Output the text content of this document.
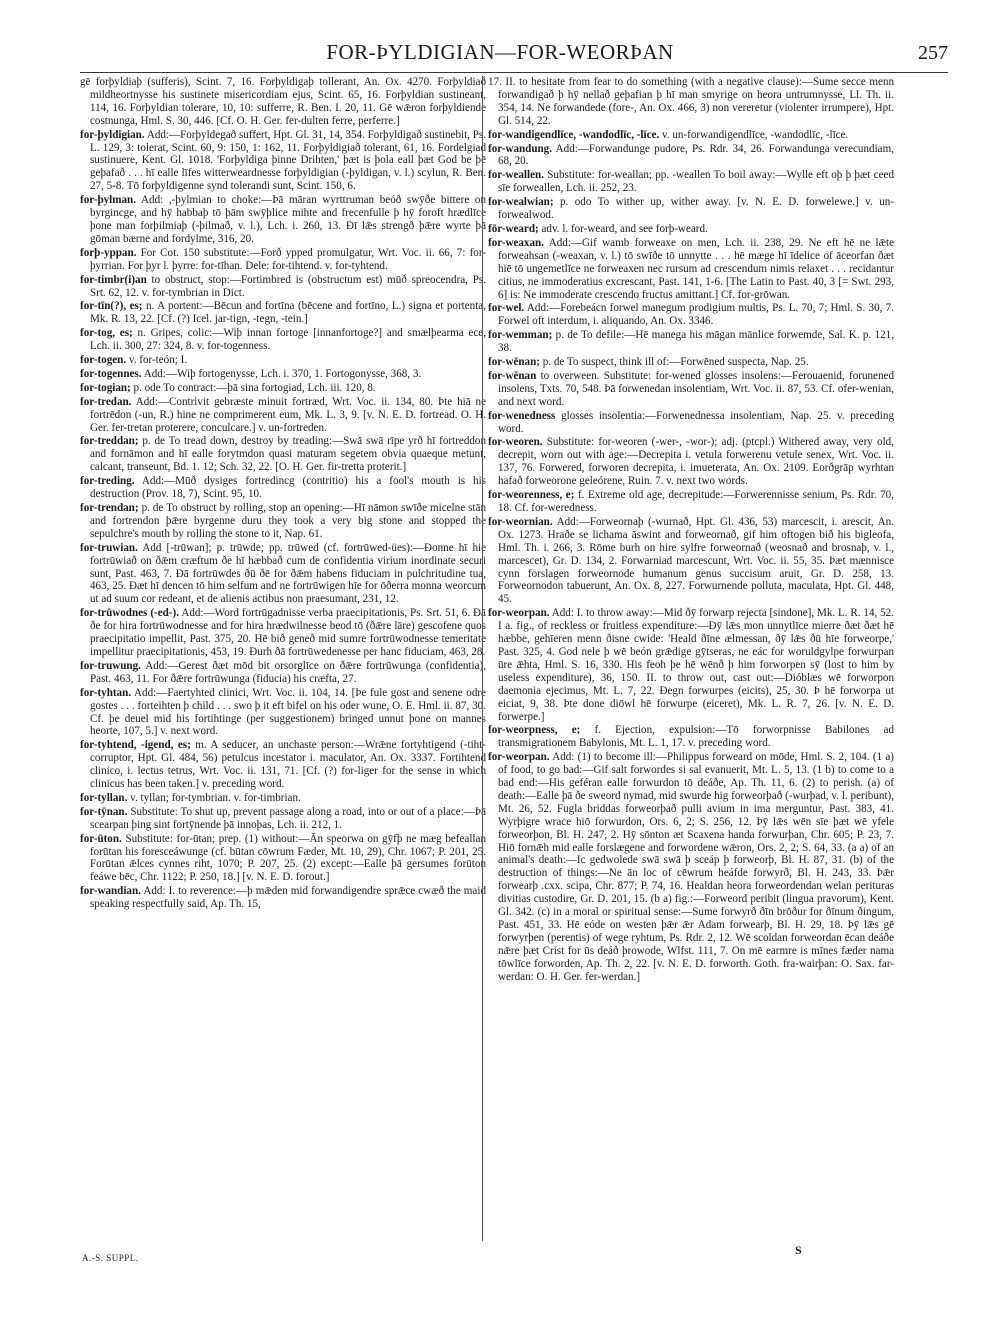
FOR-ÞYLDIGIAN—FOR-WEORÞAN	257

gē forþyldiaþ (sufferis), Scint. 7, 16. Forþyldigaþ tollerant, An. Ox. 4270. Forþyldiað mildheortnysse his sustinete misericordiam ejus, Scint. 65, 16. Forþyldian sustineant, 114, 16. Forþyldian tolerare, 10, 10: sufferre, R. Ben. I. 20, 11. Gē wǣron forþyldiende costnunga, Hml. S. 30, 446. [Cf. O. H. Ger. fer-dulten ferre, perferre.]

for-þyldigian. Add:—Forþyldegað suffert, Hpt. Gl. 31, 14, 354. Forþyldigað sustinebit, Ps. L. 129, 3: tolerat, Scint. 60, 9: 150, 1: 162, 11. Forþyldigiað tolerant, 61, 16. Fordelgiad sustinuere, Kent. Gl. 1018. 'Forþyldiga þinne Drihten,' þæt is þola eall þæt God be þē geþafað . . . hī ealle līfes witterweardnesse forþyldigian (-þyldigan, v. l.) scylun, R. Ben. 27, 5-8. Tō forþyldigenne synd tolerandi sunt, Scint. 150, 6.

for-þylman. Add: ,-þylmian to choke:—Þā māran wyrttruman beóð swȳðe bittere on byrgincge, and hȳ habbaþ tō þām swȳþlice mihte and frecenfulle þ hȳ foroft hrædlīce þone man forþilmiaþ (-þilmað, v. l.), Lch. i. 260, 13. Ðī lǣs strengð þǣre wyrte þā gōman bærne and fordylme, 316, 20.

forþ-yppan. For Cot. 150 substitute:—Forð ypped promulgatur, Wrt. Voc. ii. 66, 7: for-þyrrian. For þyr l. þyrre: for-tīhan. Dele: for-tihtend. v. for-tyhtend.

for-timbr(i)an to obstruct, stop:—Fortimbred is (obstructum est) mūð spreocendra, Ps. Srt. 62, 12. v. for-tymbrian in Dict.

for-tīn(?), es; n. A portent:—Bēcun and fortīna (bēcene and fortīno, L.) signa et portenta, Mk. R. 13, 22. [Cf. (?) Icel. jar-tign, -tegn, -tein.]

for-tog, es; n. Gripes, colic:—Wiþ innan fortoge [innanfortoge?] and smælþearma ece, Lch. ii. 300, 27: 324, 8. v. for-togenness.

for-togen. v. for-teón; I.

for-togennes. Add:—Wiþ fortogenysse, Lch. i. 370, 1. Fortogonysse, 368, 3.

for-togian; p. ode To contract:—þā sina fortogiad, Lch. iii. 120, 8.

for-tredan. Add:—Contrivit gebræste minuit fortræd, Wrt. Voc. ii. 134, 80. Þte hiā ne fortrēdon (-un, R.) hine ne comprimerent eum, Mk. L. 3, 9. [v. N. E. D. fortread. O. H. Ger. fer-tretan proterere, conculcare.] v. un-fortreden.

for-treddan; p. de To tread down, destroy by treading:—Swā swā rīpe yrð hī fortreddon and fornāmon and hī ealle forytmdon quasi maturam segetem obvia quaeque metunt, calcant, transeunt, Bd. 1. 12; Sch. 32, 22. [O. H. Ger. fir-tretta proterit.]

for-treding. Add:—Mūð dysiges fortredincg (contritio) his a fool's mouth is his destruction (Prov. 18, 7), Scint. 95, 10.

for-trendan; p. de To obstruct by rolling, stop an opening:—Hī nāmon swīðe micelne stān and fortrendon þǣre byrgenne duru they took a very big stone and stopped the sepulchre's mouth by rolling the stone to it, Nap. 61.

for-truwian. Add [-trūwan]; p. trūwde; pp. trūwed (cf. fortrūwed-ües):—Ðonne hī hie fortrūwiað on ðǣm cræftum ðe hī hæbbað cum de confidentia virium inordinate securi sunt, Past. 463, 7. Ðā fortrūwdes ðū ðē for ðǣm habens fiduciam in pulchritudine tua, 463, 25. Ðæt hī dencen tō him selfum and ne fortrūwigen hīe for ōðerra monna weorcum ut ad suum cor redeant, et de alienis actibus non praesumant, 231, 12.

for-trūwodnes (-ed-). Add:—Word fortrūgadnisse verba praecipitationis, Ps. Srt. 51, 6. Ðā ðe for hira fortrūwodnesse and for hira hrædwilnesse beod tō (ðǣre lāre) gescofene quos praecipitatio impellit, Past. 375, 20. Hē bið geneð mid sumre fortrūwodnesse temeritate impellitur praecipitationis, 453, 19. Ðurh ðā fortrūwedenesse per hanc fiduciam, 463, 28.

for-truwung. Add:—Gerest ðæt mōd bit orsorglīce on ðǣre fortrūwunga (confidentia), Past. 463, 11. For ðǣre fortrūwunga (fiducia) his cræfta, 27.

for-tyhtan. Add:—Faertyhted clinici, Wrt. Voc. ii. 104, 14. [Þe fule gost and senene odre gostes . . . forteihten þ child . . . swo þ it eft bifel on his oder wune, O. E. Hml. ii. 87, 30. Cf. þe deuel mid his fortihtinge (per suggestionem) bringed unnut þone on mannes heorte, 107, 5.] v. next word.

for-tyhtend, -igend, es; m. A seducer, an unchaste person:—Wrǣne fortyhtigend (-tiht- corruptor, Hpt. Gl. 484, 56) petulcus incestator i. maculator, An. Ox. 3337. Fortihtend clinico, i. lectus tetrus, Wrt. Voc. ii. 131, 71. [Cf. (?) for-liger for the sense in which clinicus has been taken.] v. preceding word.

for-tyllan. v. tyllan; for-tymbrian. v. for-timbrian.

for-tȳnan. Substitute: To shut up, prevent passage along a road, into or out of a place:—Þā scearpan þing sint fortȳnende þā innoþas, Lch. ii. 212, 1.

for-ūton. Substitute: for-ūtan; prep. (1) without:—Ān speorwa on gȳfþ ne mæg befeallan forūtan his foresceáwunge (cf. būtan cōwrum Fæder, Mt. 10, 29), Chr. 1067; P. 201, 25. Forūtan ǣlces cynnes riht, 1070; P. 207, 25. (2) except:—Ealle þā gersumes forūton feáwe bēc, Chr. 1122; P. 250, 18.] [v. N. E. D. forout.]

for-wandian. Add: I. to reverence:—þ mǣden mid forwandigendre sprǣce cwæð the maid speaking respectfully said, Ap. Th. 15,

17. II. to hesitate from fear to do something (with a negative clause):—Sume secce menn forwandigað þ hȳ nellað geþafian þ hī man smyrige on heora untrumnysse, Ll. Th. ii. 354, 14. Ne forwandede (fore-, An. Ox. 466, 3) non vereretur (violenter irrumpere), Hpt. Gl. 514, 22.

for-wandigendlīce, -wandodlīc, -līce. v. un-forwandigendlīce, -wandodlīc, -līce.

for-wandung. Add:—Forwandunge pudore, Ps. Rdr. 34, 26. Forwandunga verecundiam, 68, 20.

for-weallen. Substitute: for-weallan; pp. -weallen To boil away:—Wylle eft oþ þ þæt ceed sīe forweallen, Lch. ii. 252, 23.

for-wealwian; p. odo To wither up, wither away. [v. N. E. D. forwelewe.] v. un-forwealwod.

fōr-weard; adv. l. for-weard, and see forþ-weard.

for-weaxan. Add:—Gif wamb forweaxe on men, Lch. ii. 238, 29. Ne eft hē ne lǣte forweahsan (-weaxan, v. l.) tō swīðe tō unnytte . . . hē mæge hī īdelice of āceorfan ðæt hiē tō ungemetlīce ne forweaxen nec rursum ad crescendum nimis relaxet . . . recidantur citius, ne immoderatius excrescant, Past. 141, 1-6. [The Latin to Past. 40, 3 [= Swt. 293, 6] is: Ne immoderate crescendo fructus amittant.] Cf. for-grōwan.

for-wel. Add:—Forebeácn forwel manegum prodigium multis, Ps. L. 70, 7; Hml. S. 30, 7. Forwel oft interdum, i. aliquando, An. Ox. 3346.

for-wemman; p. de To defile:—Hē manega his māgan mānlice forwemde, Sal. K. p. 121, 38.

for-wēnan; p. de To suspect, think ill of:—Forwēned suspecta, Nap. 25.

for-wēnan to overween. Substitute: for-wened glosses insolens:—Ferouaenid, forunened insolens, Txts. 70, 548. Þā forwenedan insolentiam, Wrt. Voc. ii. 87, 53. Cf. ofer-wenian, and next word.

for-wenedness glosses insolentia:—Forwenednessa insolentiam, Nap. 25. v. preceding word.

for-weoren. Substitute: for-weoren (-wer-, -wor-); adj. (ptcpl.) Withered away, very old, decrepit, worn out with age:—Decrepita i. vetula forwerenu vetule senex, Wrt. Voc. ii. 137, 76. Forwered, forworen decrepita, i. imueterata, An. Ox. 2109. Eorðgrāp wyrhtan hafað forweorone geleórene, Ruin. 7. v. next two words.

for-weorenness, e; f. Extreme old age, decrepitude:—Forwerennisse senium, Ps. Rdr. 70, 18. Cf. for-weredness.

for-weornian. Add:—Forweornaþ (-wurnað, Hpt. Gl. 436, 53) marcescit, i. arescit, An. Ox. 1273. Hraðe se lichama āswint and forweornað, gif him oftogen bið his bigleofa, Hml. Th. i. 266, 3. Rōme burh on hire sylfre forweornað (weosnað and brosnaþ, v. l., marcescet), Gr. D. 134, 2. Forwarniad marcescunt, Wrt. Voc. ii. 55, 35. Þæt mænnisce cynn forslagen forweornode humanum genus succisum aruit, Gr. D. 258, 13. Forweornodon tabuerunt, An. Ox. 8, 227. Forwurnende polluta, maculata, Hpt. Gl. 448, 45.

for-weorpan. Add: I. to throw away:—Mid ðȳ forwarp rejecta [sindone], Mk. L. R. 14, 52. I a. fig., of reckless or fruitless expenditure:—Ðȳ lǣs mon unnytlīce mierre ðæt ðæt hē hæbbe, gehīeren menn ðisne cwide: 'Heald ðīne ælmessan, ðȳ lǣs ðū hīe forweorpe,' Past. 325, 4. God nele þ wē beón grǣdige gȳtseras, ne eác for woruldgylpe forwurpan ūre ǣhta, Hml. S. 16, 330. His feoh þe hē wēnð þ him forworpen sȳ (lost to him by useless expenditure), 36, 150. II. to throw out, cast out:—Dióblæs wē forworpon daemonia ejecimus, Mt. L. 7, 22. Ðegn forwurpes (eicits), 25, 30. Þ hē forworpa ut eiciat, 9, 38. Þte done diōwl hē forwurpe (eiceret), Mk. L. R. 7, 26. [v. N. E. D. forwerpe.]

for-weorpness, e; f. Ejection, expulsion:—Tō forworpnisse Babilones ad transmigrationem Babylonis, Mt. L. 1, 17. v. preceding word.

for-weorpan. Add: (1) to become ill:—Philippus forweard on mōde, Hml. S. 2, 104. (1 a) of food, to go bad:—Gif salt forwordes si sal evanuerit, Mt. L. 5, 13. (1 b) to come to a bad end:—His geféran ealle forwurdon tō deáðe, Ap. Th. 11, 6. (2) to perish. (a) of death:—Ealle þā ðe sweord nymad, mid swurde hig forweorþað (-wurþad, v. l. peribunt), Mt. 26, 52. Fugla briddas forweorþað pulli avium in ima merguntur, Past. 383, 41. Wyrþigre wrace hiō forwurdon, Ors. 6, 2; S. 256, 12. Þȳ lǣs wēn sīe þæt wē yfele forweorþon, Bl. H. 247, 2. Hȳ sōnton æt Scaxena handa forwurþan, Chr. 605; P. 23, 7. Hiō fornǣh mid ealle forslægene and forwordene wǣron, Ors. 2, 2; S. 64, 33. (a a) of an animal's death:—Ic gedwolede swā swā þ sceáp þ forweorþ, Bl. H. 87, 31. (b) of the destruction of things:—Ne ān loc of cēwrum heáfde forwyrð, Bl. H. 243, 33. Þǣr forwearþ .cxx. scipa, Chr. 877; P. 74, 16. Healdan heora forweordendan welan perituras divitias custodire, Gr. D. 201, 15. (b a) fig.:—Forweord peribit (lingua pravorum), Kent. Gl. 342. (c) in a moral or spiritual sense:—Sume forwyrð ðīn brōður for ðīnum ðingum, Past. 451, 33. Hē eóde on westen þǣr ǣr Adam forwearþ, Bl. H. 29, 18. Þȳ lǣs gē forwyrþen (perentis) of wege ryhtum, Ps. Rdr. 2, 12. Wē scoldan forweordan ēcan deáðe nǣre þæt Crist for ūs deáð þrowode, Wlfst. 111, 7. On mē earmre is mīnes fæder nama tōwlīce forworden, Ap. Th. 2, 22. [v. N. E. D. forworth. Goth. fra-wairþan: O. Sax. far-werdan: O. H. Ger. fer-werdan.]

A.-S. SUPPL.
S
